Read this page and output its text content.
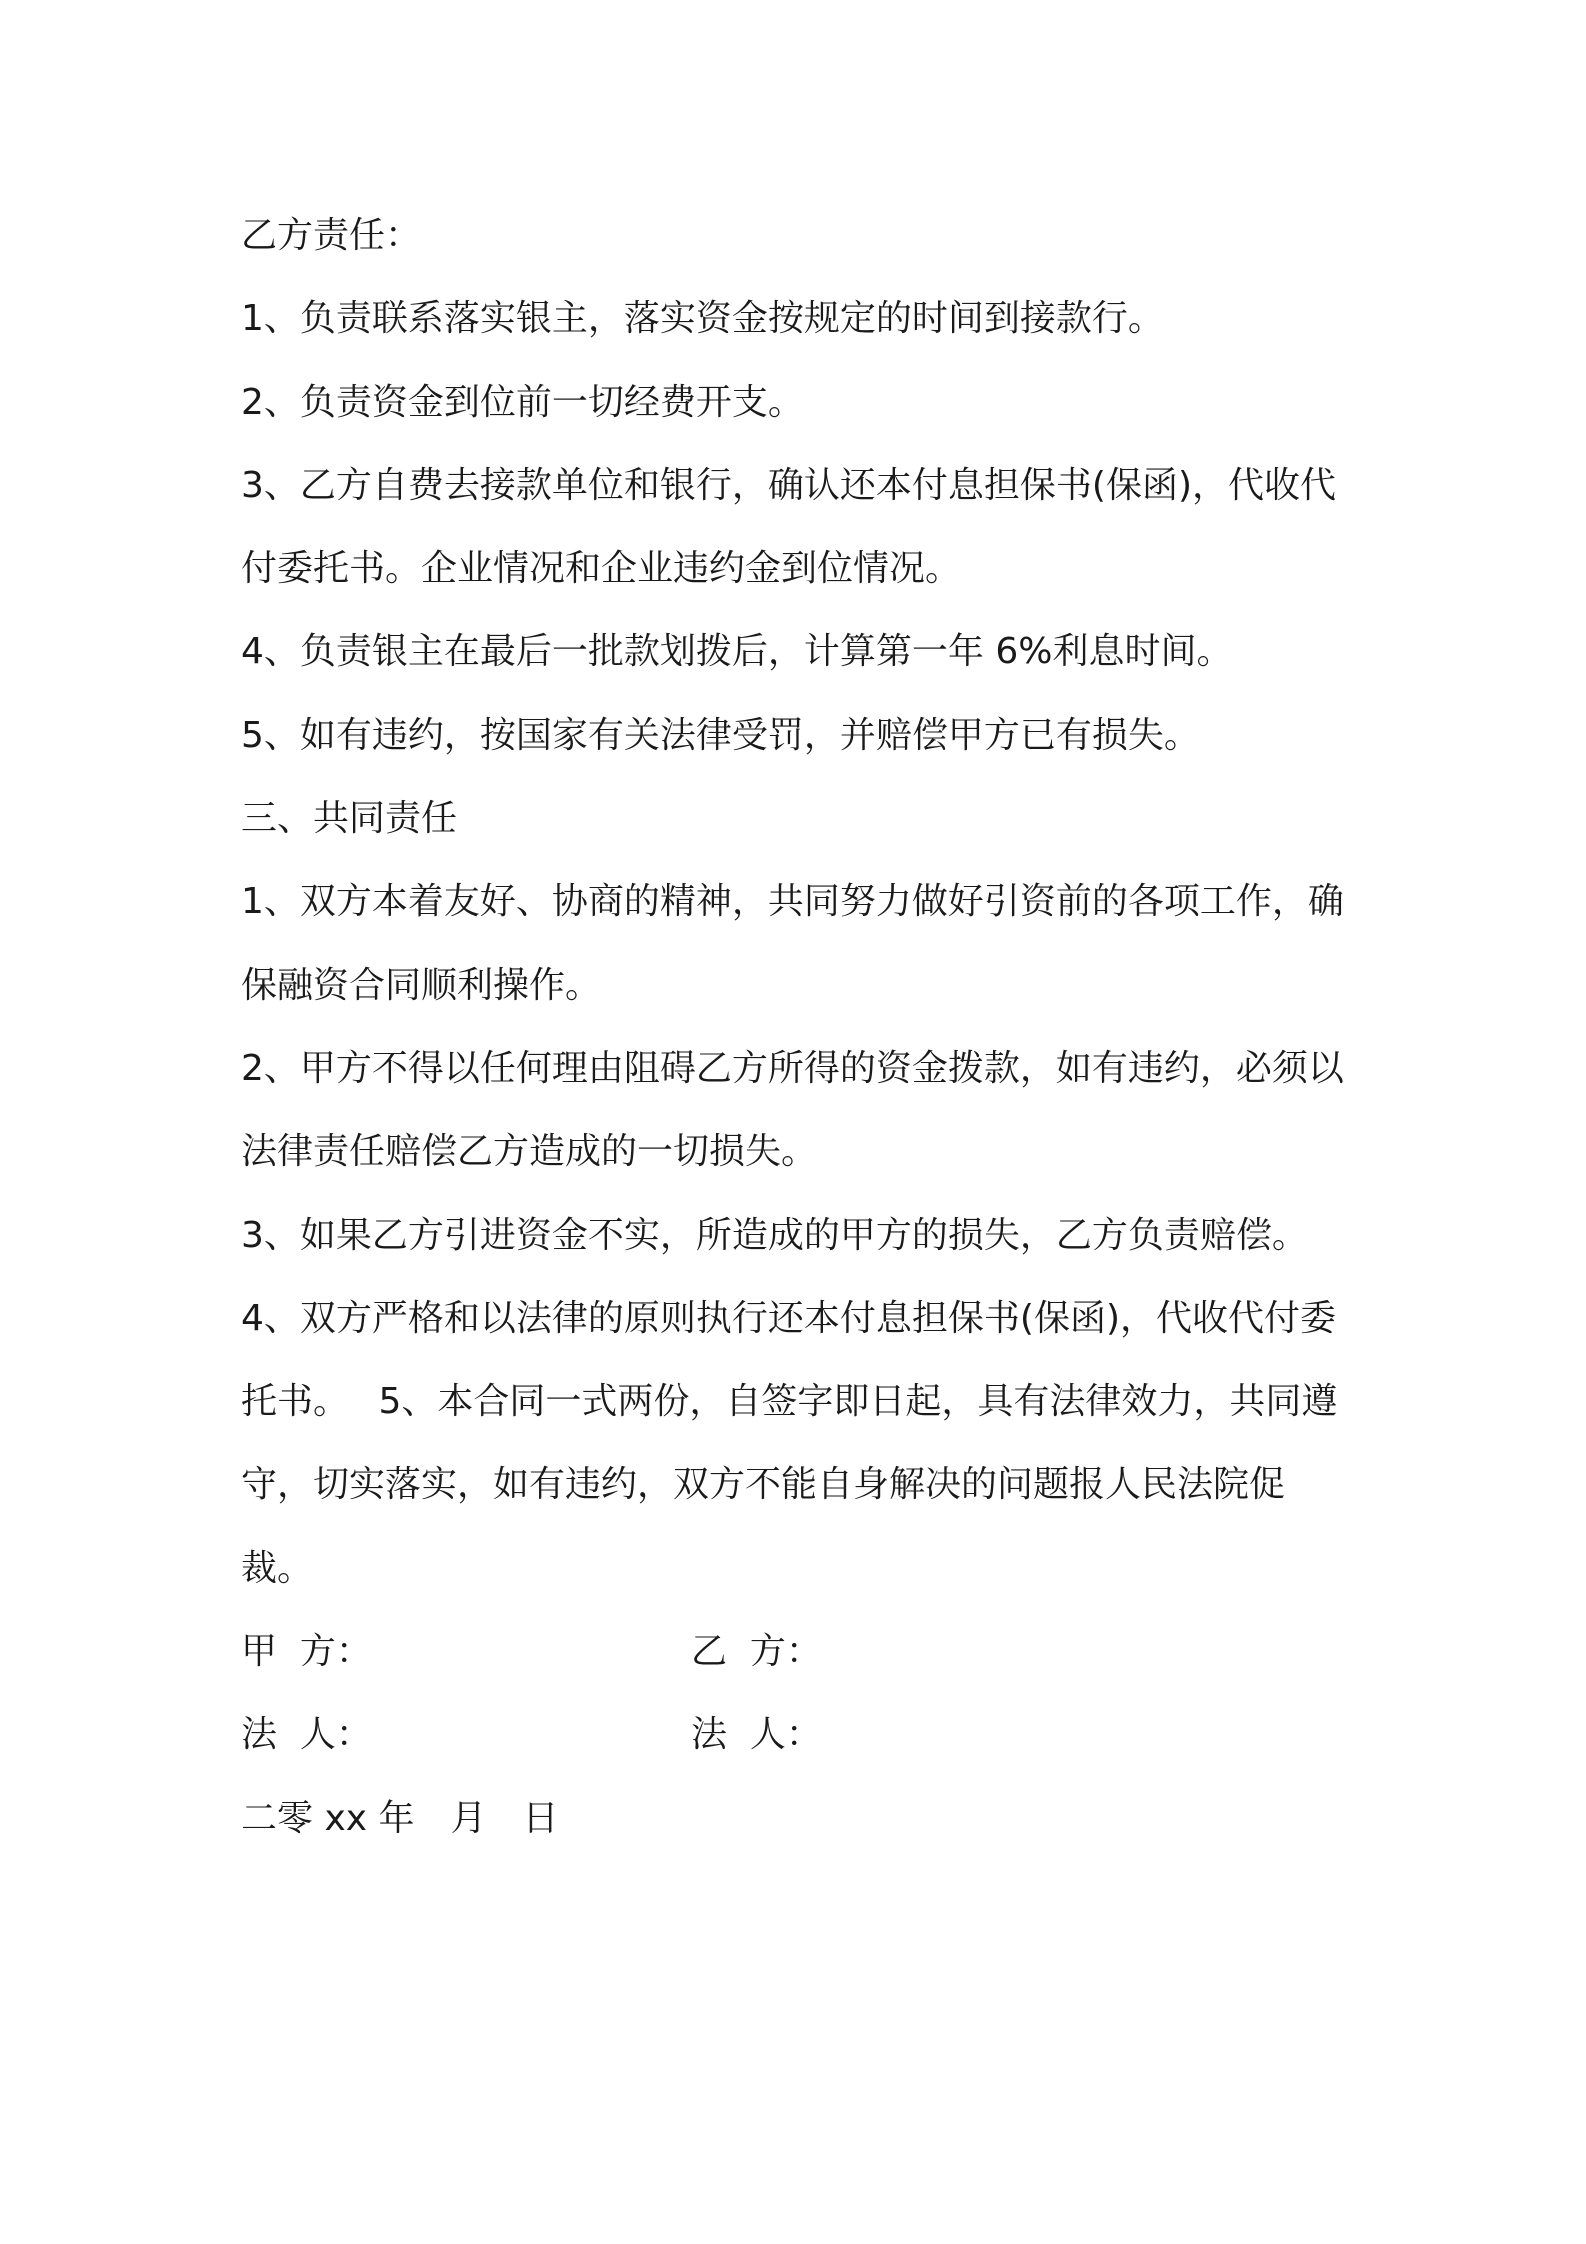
乙方责任：

1、负责联系落实银主，落实资金按规定的时间到接款行。

2、负责资金到位前一切经费开支。

3、乙方自费去接款单位和银行，确认还本付息担保书(保函)，代收代付委托书。企业情况和企业违约金到位情况。

4、负责银主在最后一批款划拨后，计算第一年 6%利息时间。

5、如有违约，按国家有关法律受罚，并赔偿甲方已有损失。

三、共同责任

1、双方本着友好、协商的精神，共同努力做好引资前的各项工作，确保融资合同顺利操作。

2、甲方不得以任何理由阻碍乙方所得的资金拨款，如有违约，必须以法律责任赔偿乙方造成的一切损失。

3、如果乙方引进资金不实，所造成的甲方的损失，乙方负责赔偿。

4、双方严格和以法律的原则执行还本付息担保书(保函)，代收代付委托书。　 5、本合同一式两份，自签字即日起，具有法律效力，共同遵守，切实落实，如有违约，双方不能自身解决的问题报人民法院促裁。

甲  方：	乙  方：
法  人：	法  人：

二零 xx 年　月　日
